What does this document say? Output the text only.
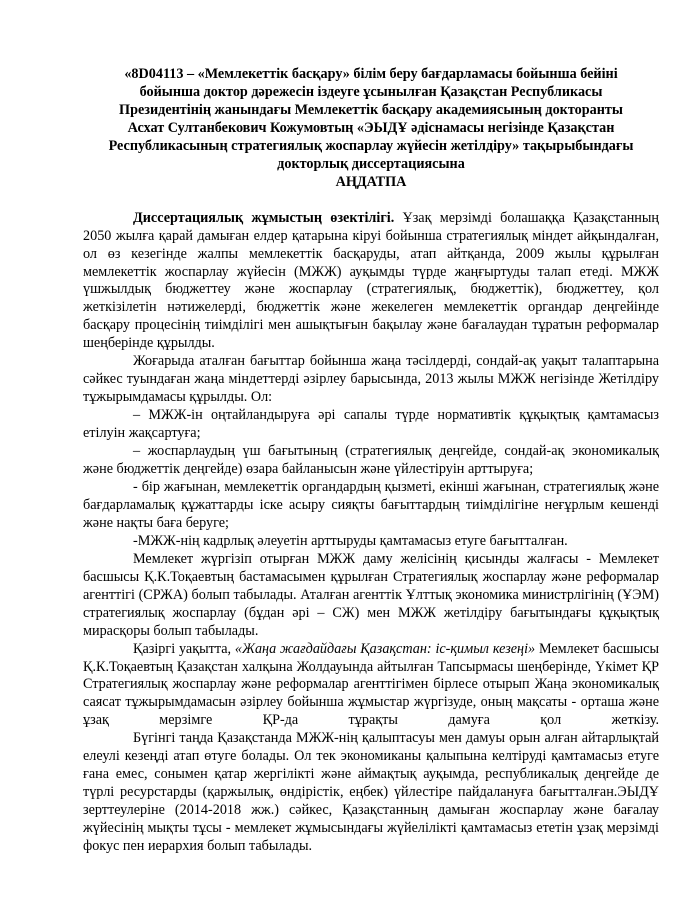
«8D04113 – «Мемлекеттік басқару» білім беру бағдарламасы бойынша бейіні
бойынша доктор дәрежесін іздеуге ұсынылған Қазақстан Республикасы
Президентінің жанындағы Мемлекеттік басқару академиясының докторанты
Асхат Султанбекович Кожумовтың «ЭЫДҰ әдіснамасы негізінде Қазақстан
Республикасының стратегиялық жоспарлау жүйесін жетілдіру» тақырыбындағы
докторлық диссертациясына
АҢДАТПА

Диссертациялық жұмыстың өзектілігі. Ұзақ мерзімді болашаққа Қазақстанның 2050 жылға қарай дамыған елдер қатарына кіруі бойынша стратегиялық міндет айқындалған, ол өз кезегінде жалпы мемлекеттік басқаруды, атап айтқанда, 2009 жылы құрылған мемлекеттік жоспарлау жүйесін (МЖЖ) ауқымды түрде жаңғыртуды талап етеді. МЖЖ үшжылдық бюджеттеу және жоспарлау (стратегиялық, бюджеттік), бюджеттеу, қол жеткізілетін нәтижелерді, бюджеттік және жекелеген мемлекеттік органдар деңгейінде басқару процесінің тиімділігі мен ашықтығын бақылау және бағалаудан тұратын реформалар шеңберінде құрылды.

Жоғарыда аталған бағыттар бойынша жаңа тәсілдерді, сондай-ақ уақыт талаптарына сәйкес туындаған жаңа міндеттерді әзірлеу барысында, 2013 жылы МЖЖ негізінде Жетілдіру тұжырымдамасы құрылды. Ол:

– МЖЖ-ін оңтайландыруға әрі сапалы түрде нормативтік құқықтық қамтамасыз етілуін жақсартуға;

– жоспарлаудың үш бағытының (стратегиялық деңгейде, сондай-ақ экономикалық және бюджеттік деңгейде) өзара байланысын және үйлестіруін арттыруға;

- бір жағынан, мемлекеттік органдардың қызметі, екінші жағынан, стратегиялық және бағдарламалық құжаттарды іске асыру сияқты бағыттардың тиімділігіне неғұрлым кешенді және нақты баға беруге;

-МЖЖ-нің кадрлық әлеуетін арттыруды қамтамасыз етуге бағытталған.

Мемлекет жүргізіп отырған МЖЖ даму желісінің қисынды жалғасы - Мемлекет басшысы Қ.К.Тоқаевтың бастамасымен құрылған Стратегиялық жоспарлау және реформалар агенттігі (СРЖА) болып табылады. Аталған агенттік Ұлттық экономика министрлігінің (ҰЭМ) стратегиялық жоспарлау (бұдан әрі – СЖ) мен МЖЖ жетілдіру бағытындағы құқықтық мирасқоры болып табылады.

Қазіргі уақытта, «Жаңа жағдайдағы Қазақстан: іс-қимыл кезеңі» Мемлекет басшысы Қ.К.Тоқаевтың Қазақстан халқына Жолдауында айтылған Тапсырмасы шеңберінде, Үкімет ҚР Стратегиялық жоспарлау және реформалар агенттігімен бірлесе отырып Жаңа экономикалық саясат тұжырымдамасын әзірлеу бойынша жұмыстар жүргізуде, оның мақсаты - орташа және ұзақ мерзімге ҚР-да тұрақты дамуға қол жеткізу.

Бүгінгі таңда Қазақстанда МЖЖ-нің қалыптасуы мен дамуы орын алған айтарлықтай елеулі кезеңді атап өтуге болады. Ол тек экономиканы қалыпына келтіруді қамтамасыз етуге ғана емес, сонымен қатар жергілікті және аймақтық ауқымда, республикалық деңгейде де түрлі ресурстарды (қаржылық, өндірістік, еңбек) үйлестіре пайдалануға бағытталған.ЭЫДҰ зерттеулеріне (2014-2018 жж.) сәйкес, Қазақстанның дамыған жоспарлау және бағалау жүйесінің мықты тұсы - мемлекет жұмысындағы жүйелілікті қамтамасыз ететін ұзақ мерзімді фокус пен иерархия болып табылады.
